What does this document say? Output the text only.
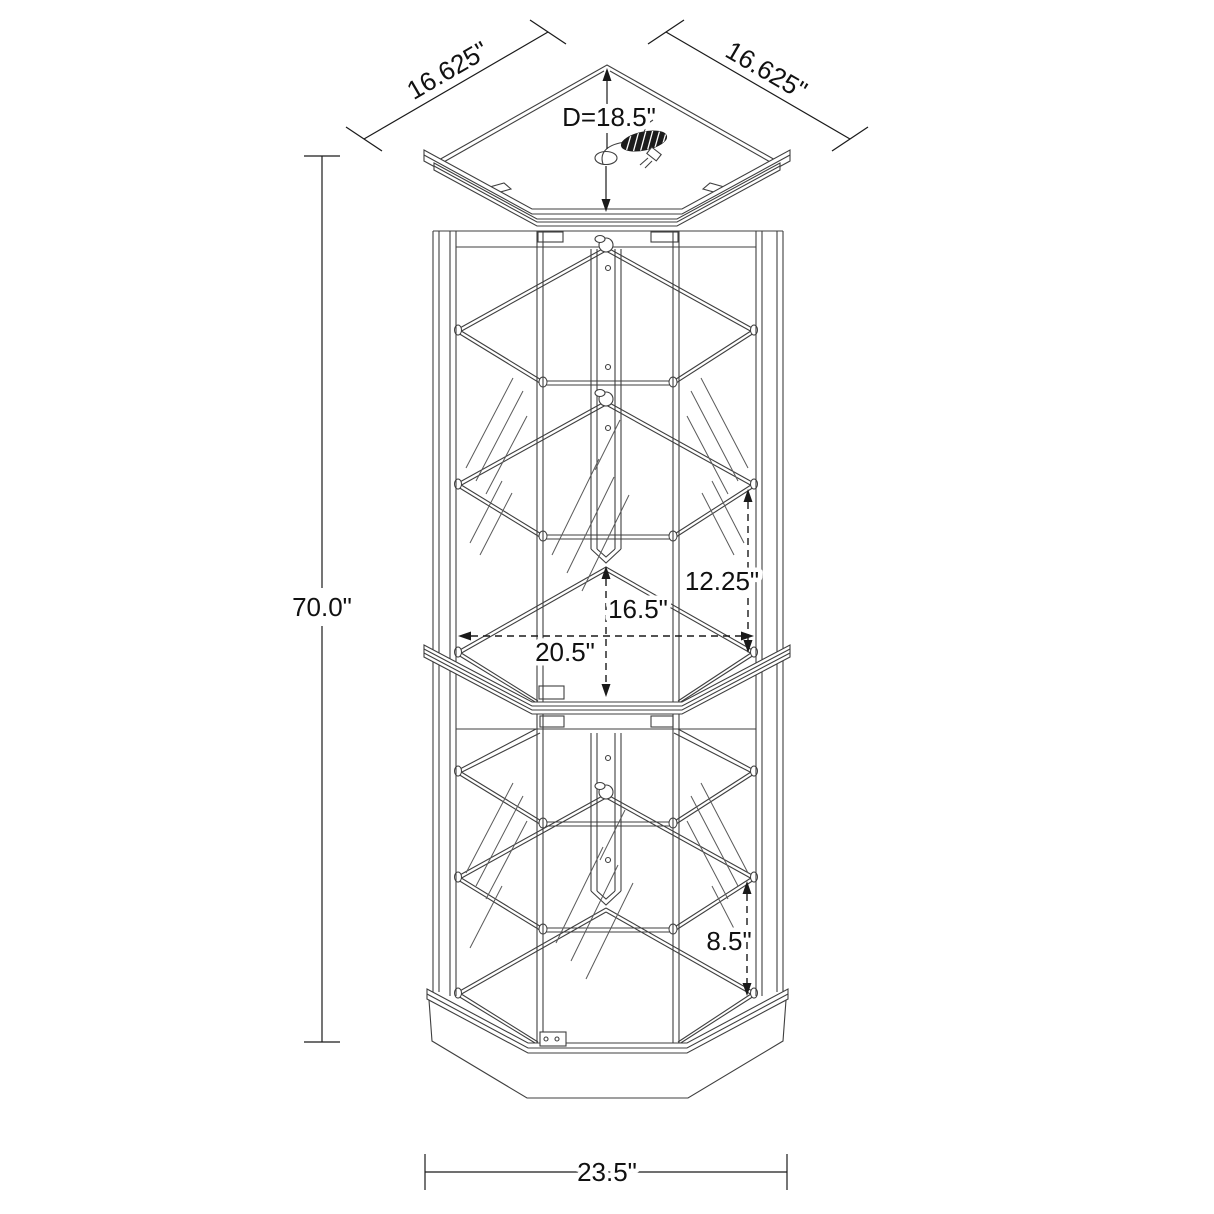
D=18.5"
16.625"	16.625"
70.0"
20.5"
16.5"
12.25"
8.5"
23.5"
